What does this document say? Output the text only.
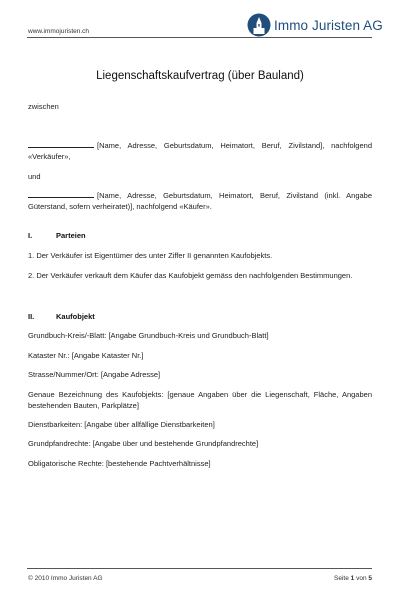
www.immojuristen.ch	Immo Juristen AG
Liegenschaftskaufvertrag (über Bauland)
zwischen
[Name, Adresse, Geburtsdatum, Heimatort, Beruf, Zivilstand], nachfolgend «Verkäufer»,
und
[Name, Adresse, Geburtsdatum, Heimatort, Beruf, Zivilstand (inkl. Angabe Güterstand, sofern verheiratet)], nachfolgend «Käufer».
I.	Parteien
1. Der Verkäufer ist Eigentümer des unter Ziffer II genannten Kaufobjekts.
2. Der Verkäufer verkauft dem Käufer das Kaufobjekt gemäss den nachfolgenden Bestimmungen.
II.	Kaufobjekt
Grundbuch-Kreis/-Blatt: [Angabe Grundbuch-Kreis und Grundbuch-Blatt]
Kataster Nr.: [Angabe Kataster Nr.]
Strasse/Nummer/Ort: [Angabe Adresse]
Genaue Bezeichnung des Kaufobjekts: [genaue Angaben über die Liegenschaft, Fläche, Angaben bestehenden Bauten, Parkplätze]
Dienstbarkeiten: [Angabe über allfällige Dienstbarkeiten]
Grundpfandrechte: [Angabe über und bestehende Grundpfandrechte]
Obligatorische Rechte: [bestehende Pachtverhältnisse]
© 2010 Immo Juristen AG	Seite 1 von 5
